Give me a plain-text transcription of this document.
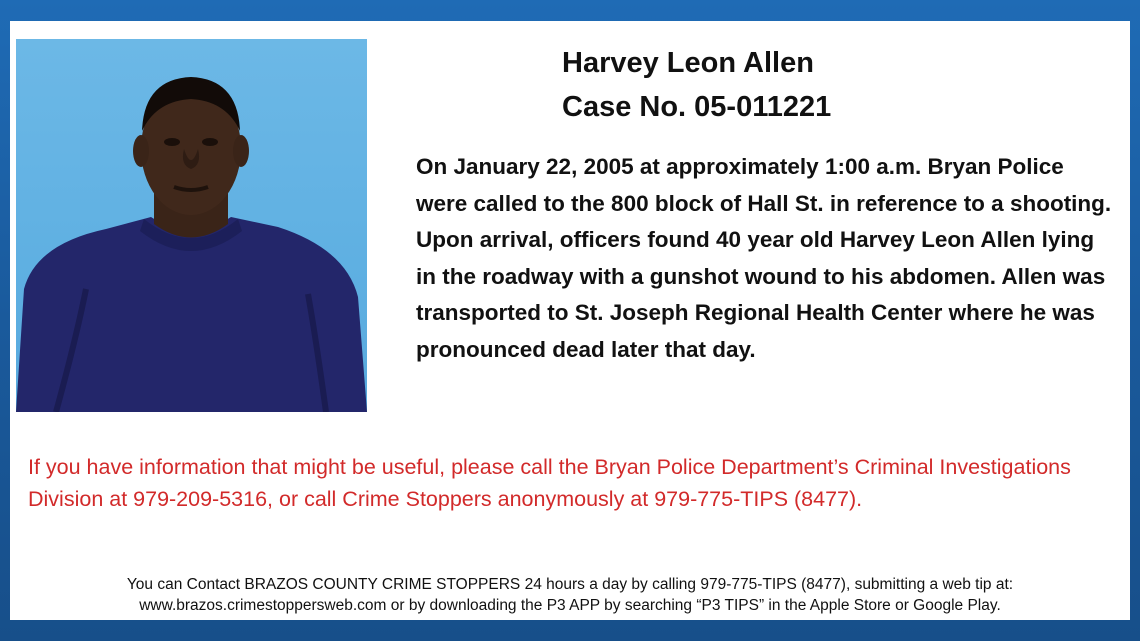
Harvey Leon Allen
Case No. 05-011221

On January 22, 2005 at approximately 1:00 a.m. Bryan Police were called to the 800 block of Hall St. in reference to a shooting. Upon arrival, officers found 40 year old Harvey Leon Allen lying in the roadway with a gunshot wound to his abdomen. Allen was transported to St. Joseph Regional Health Center where he was pronounced dead later that day.

If you have information that might be useful, please call the Bryan Police Department’s Criminal Investigations Division at 979-209-5316, or call Crime Stoppers anonymously at 979-775-TIPS (8477).

You can Contact BRAZOS COUNTY CRIME STOPPERS 24 hours a day by calling 979-775-TIPS (8477), submitting a web tip at:
www.brazos.crimestoppersweb.com or by downloading the P3 APP by searching “P3 TIPS” in the Apple Store or Google Play.
